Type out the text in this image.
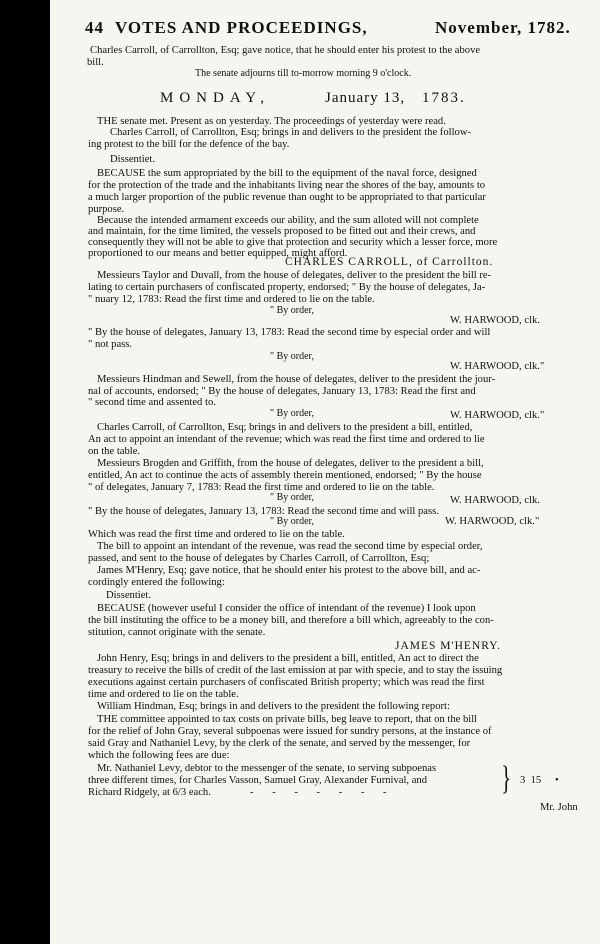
44 VOTES AND PROCEEDINGS,	November, 1782.
Charles Carroll, of Carrollton, Esq; gave notice, that he should enter his protest to the above
bill.
The senate adjourns till to-morrow morning 9 o'clock.
MONDAY,	January 13, 1783.
THE senate met. Present as on yesterday. The proceedings of yesterday were read.
Charles Carroll, of Carrollton, Esq; brings in and delivers to the president the follow-
ing protest to the bill for the defence of the bay.
Dissentiet.
BECAUSE the sum appropriated by the bill to the equipment of the naval force, designed
for the protection of the trade and the inhabitants living near the shores of the bay, amounts to
a much larger proportion of the public revenue than ought to be appropriated to that particular
purpose.
Because the intended armament exceeds our ability, and the sum alloted will not complete
and maintain, for the time limited, the vessels proposed to be fitted out and their crews, and
consequently they will not be able to give that protection and security which a lesser force, more
proportioned to our means and better equipped, might afford.
CHARLES CARROLL, of Carrollton.
Messieurs Taylor and Duvall, from the house of delegates, deliver to the president the bill re-
lating to certain purchasers of confiscated property, endorsed; " By the house of delegates, Ja-
" nuary 12, 1783: Read the first time and ordered to lie on the table.
" By order,
W. HARWOOD, clk.
" By the house of delegates, January 13, 1783: Read the second time by especial order and will
" not pass.
" By order,
W. HARWOOD, clk."
Messieurs Hindman and Sewell, from the house of delegates, deliver to the president the jour-
nal of accounts, endorsed; " By the house of delegates, January 13, 1783: Read the first and
" second time and assented to.
" By order,	W. HARWOOD, clk."
Charles Carroll, of Carrollton, Esq; brings in and delivers to the president a bill, entitled,
An act to appoint an intendant of the revenue; which was read the first time and ordered to lie
on the table.
Messieurs Brogden and Griffith, from the house of delegates, deliver to the president a bill,
entitled, An act to continue the acts of assembly therein mentioned, endorsed; " By the house
" of delegates, January 7, 1783: Read the first time and ordered to lie on the table.
" By order,	W. HARWOOD, clk.
" By the house of delegates, January 13, 1783: Read the second time and will pass.
" By order,	W. HARWOOD, clk."
Which was read the first time and ordered to lie on the table.
The bill to appoint an intendant of the revenue, was read the second time by especial order,
passed, and sent to the house of delegates by Charles Carroll, of Carrollton, Esq;
James M'Henry, Esq; gave notice, that he should enter his protest to the above bill, and ac-
cordingly entered the following:
Dissentiet.
BECAUSE (however useful I consider the office of intendant of the revenue) I look upon
the bill instituting the office to be a money bill, and therefore a bill which, agreeably to the con-
stitution, cannot originate with the senate.
JAMES M'HENRY.
John Henry, Esq; brings in and delivers to the president a bill, entitled, An act to direct the
treasury to receive the bills of credit of the last emission at par with specie, and to stay the issuing
executions against certain purchasers of confiscated British property; which was read the first
time and ordered to lie on the table.
William Hindman, Esq; brings in and delivers to the president the following report:
THE committee appointed to tax costs on private bills, beg leave to report, that on the bill
for the relief of John Gray, several subpoenas were issued for sundry persons, at the instance of
said Gray and Nathaniel Levy, by the clerk of the senate, and served by the messenger, for
which the following fees are due:
Mr. Nathaniel Levy, debtor to the messenger of the senate, to serving subpoenas
three different times, for Charles Vasson, Samuel Gray, Alexander Furnival, and
Richard Ridgely, at 6/3 each.	- - - - - - -	} 3  15 •
Mr. John
